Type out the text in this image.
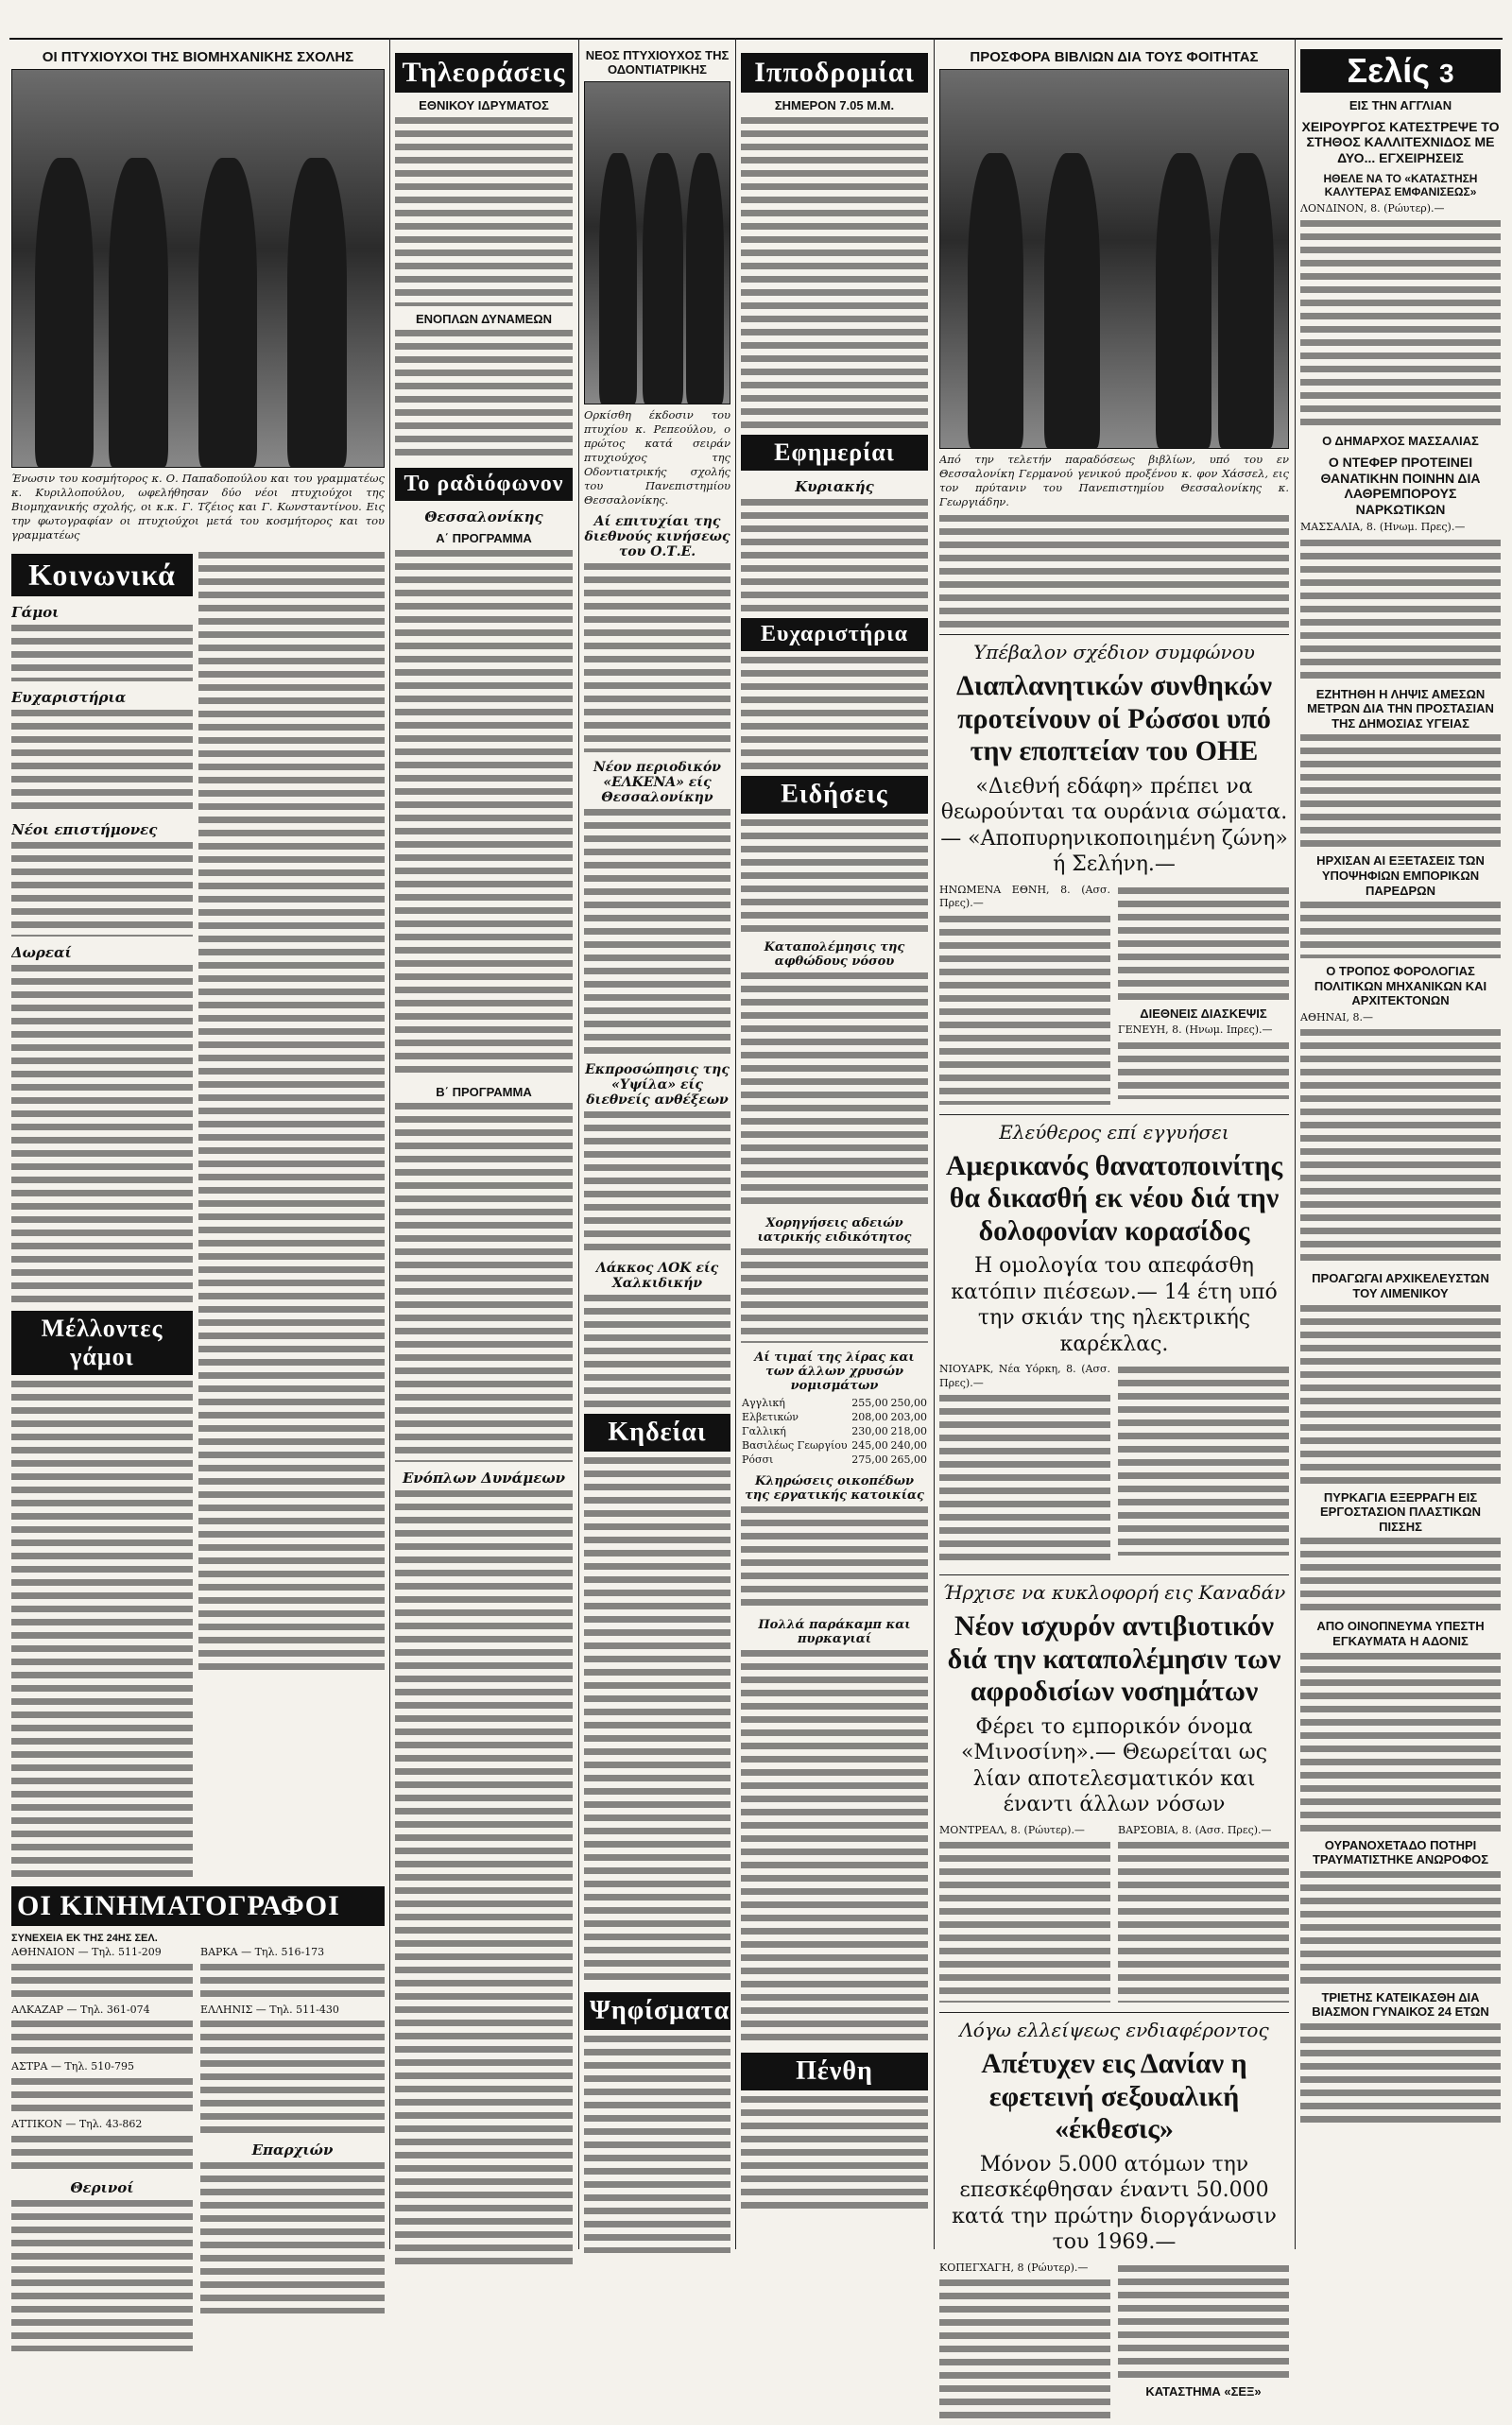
ΟΙ ΠΤΥΧΙΟΥΧΟΙ ΤΗΣ ΒΙΟΜΗΧΑΝΙΚΗΣ ΣΧΟΛΗΣ
Ένωσιν του κοσμήτορος κ. Ο. Παπαδοπούλου και του γραμματέως κ. Κυριλλοπούλου, ωφελήθησαν δύο νέοι πτυχιούχοι της Βιομηχανικής σχολής, οι κ.κ. Γ. Τζέιος και Γ. Κωνσταντίνου. Εις την φωτογραφίαν οι πτυχιούχοι μετά του κοσμήτορος και του γραμματέως
Κοινωνικά
Γάμοι
Ευχαριστήρια
Νέοι επιστήμονες
Δωρεαί
Μέλλοντες γάμοι
ΟΙ ΚΙΝΗΜΑΤΟΓΡΑΦΟΙ
ΣΥΝΕΧΕΙΑ ΕΚ ΤΗΣ 24ΗΣ ΣΕΛ.
ΑΘΗΝΑΙΟΝ — Τηλ. 511-209
ΑΛΚΑΖΑΡ — Τηλ. 361-074
ΑΣΤΡΑ — Τηλ. 510-795
ΑΤΤΙΚΟΝ — Τηλ. 43-862
Θερινοί
ΒΑΡΚΑ — Τηλ. 516-173
ΕΛΛΗΝΙΣ — Τηλ. 511-430
Επαρχιών
Τηλεοράσεις
ΕΘΝΙΚΟΥ ΙΔΡΥΜΑΤΟΣ
ΕΝΟΠΛΩΝ ΔΥΝΑΜΕΩΝ
Το ραδιόφωνον
Θεσσαλονίκης
Α΄ ΠΡΟΓΡΑΜΜΑ
Β΄ ΠΡΟΓΡΑΜΜΑ
Ενόπλων Δυνάμεων
ΝΕΟΣ ΠΤΥΧΙΟΥΧΟΣ ΤΗΣ ΟΔΟΝΤΙΑΤΡΙΚΗΣ
Ορκίσθη έκδοσιν του πτυχίου κ. Ρεπεούλου, ο πρώτος κατά σειράν πτυχιούχος της Οδοντιατρικής σχολής του Πανεπιστημίου Θεσσαλονίκης.
Αί επιτυχίαι της διεθνούς κινήσεως του Ο.Τ.Ε.
Νέον περιοδικόν «ΕΛΚΕΝΑ» είς Θεσσαλονίκην
Εκπροσώπησις της «Υψίλα» είς διεθνείς ανθέξεων
Λάκκος ΛΟΚ είς Χαλκιδικήν
Κηδείαι
Ψηφίσματα
Ιπποδρομίαι
ΣΗΜΕΡΟΝ 7.05 Μ.Μ.
Εφημερίαι
Κυριακής
Ευχαριστήρια
Ειδήσεις
Καταπολέμησις της αφθώδους νόσου
Χορηγήσεις αδειών ιατρικής ειδικότητος
Αί τιμαί της λίρας και των άλλων χρυσών νομισμάτων
Αγγλική	255,00	250,00
Ελβετικών	208,00	203,00
Γαλλική	230,00	218,00
Βασιλέως Γεωργίου	245,00	240,00
Ρόσσι	275,00	265,00
Κληρώσεις οικοπέδων της εργατικής κατοικίας
Πολλά παράκαμπ και πυρκαγιαί
Πένθη
ΠΡΟΣΦΟΡΑ ΒΙΒΛΙΩΝ ΔΙΑ ΤΟΥΣ ΦΟΙΤΗΤΑΣ
Από την τελετήν παραδόσεως βιβλίων, υπό του εν Θεσσαλονίκη Γερμανού γενικού προξένου κ. φον Χάσσελ, εις τον πρύτανιν του Πανεπιστημίου Θεσσαλονίκης κ. Γεωργιάδην.
Υπέβαλον σχέδιον συμφώνου
Διαπλανητικών συνθηκών προτείνουν οί Ρώσσοι υπό την εποπτείαν του ΟΗΕ
«Διεθνή εδάφη» πρέπει να θεωρούνται τα ουράνια σώματα.— «Αποπυρηνικοποιημένη ζώνη» ή Σελήνη.—
ΗΝΩΜΕΝΑ ΕΘΝΗ, 8. (Ασσ. Πρες).—
ΔΙΕΘΝΕΙΣ ΔΙΑΣΚΕΨΙΣ
ΓΕΝΕΥΗ, 8. (Ηνωμ. Ιπρες).—
Ελεύθερος επί εγγυήσει
Αμερικανός θανατοποινίτης θα δικασθή εκ νέου διά την δολοφονίαν κορασίδος
Η ομολογία του απεφάσθη κατόπιν πιέσεων.— 14 έτη υπό την σκιάν της ηλεκτρικής καρέκλας.
ΝΙΟΥΑΡΚ, Νέα Υόρκη, 8. (Ασσ. Πρες).—
Ήρχισε να κυκλοφορή εις Καναδάν
Νέον ισχυρόν αντιβιοτικόν διά την καταπολέμησιν των αφροδισίων νοσημάτων
Φέρει το εμπορικόν όνομα «Μινοσίνη».— Θεωρείται ως λίαν αποτελεσματικόν και έναντι άλλων νόσων
ΜΟΝΤΡΕΑΛ, 8. (Ρώυτερ).—	ΒΑΡΣΟΒΙΑ, 8. (Ασσ. Πρες).—
Λόγω ελλείψεως ενδιαφέροντος
Απέτυχεν εις Δανίαν η εφετεινή σεξουαλική «έκθεσις»
Μόνον 5.000 ατόμων την επεσκέφθησαν έναντι 50.000 κατά την πρώτην διοργάνωσιν του 1969.—
ΚΟΠΕΓΧΑΓΗ, 8 (Ρώυτερ).—
ΚΑΤΑΣΤΗΜΑ «ΣΕΞ»
Σελίς 3
ΕΙΣ ΤΗΝ ΑΓΓΛΙΑΝ
ΧΕΙΡΟΥΡΓΟΣ ΚΑΤΕΣΤΡΕΨΕ ΤΟ ΣΤΗΘΟΣ ΚΑΛΛΙΤΕΧΝΙΔΟΣ ΜΕ ΔΥΟ... ΕΓΧΕΙΡΗΣΕΙΣ
ΗΘΕΛΕ ΝΑ ΤΟ «ΚΑΤΑΣΤΗΣΗ ΚΑΛΥΤΕΡΑΣ ΕΜΦΑΝΙΣΕΩΣ»
ΛΟΝΔΙΝΟΝ, 8. (Ρώυτερ).—
Ο ΔΗΜΑΡΧΟΣ ΜΑΣΣΑΛΙΑΣ
Ο ΝΤΕΦΕΡ ΠΡΟΤΕΙΝΕΙ ΘΑΝΑΤΙΚΗΝ ΠΟΙΝΗΝ ΔΙΑ ΛΑΘΡΕΜΠΟΡΟΥΣ ΝΑΡΚΩΤΙΚΩΝ
ΜΑΣΣΑΛΙΑ, 8. (Ηνωμ. Πρες).—
ΕΖΗΤΗΘΗ Η ΛΗΨΙΣ ΑΜΕΣΩΝ ΜΕΤΡΩΝ ΔΙΑ ΤΗΝ ΠΡΟΣΤΑΣΙΑΝ ΤΗΣ ΔΗΜΟΣΙΑΣ ΥΓΕΙΑΣ
ΗΡΧΙΣΑΝ ΑΙ ΕΞΕΤΑΣΕΙΣ ΤΩΝ ΥΠΟΨΗΦΙΩΝ ΕΜΠΟΡΙΚΩΝ ΠΑΡΕΔΡΩΝ
Ο ΤΡΟΠΟΣ ΦΟΡΟΛΟΓΙΑΣ ΠΟΛΙΤΙΚΩΝ ΜΗΧΑΝΙΚΩΝ ΚΑΙ ΑΡΧΙΤΕΚΤΟΝΩΝ
ΑΘΗΝΑΙ, 8.—
ΠΡΟΑΓΩΓΑΙ ΑΡΧΙΚΕΛΕΥΣΤΩΝ ΤΟΥ ΛΙΜΕΝΙΚΟΥ
ΠΥΡΚΑΓΙΑ ΕΞΕΡΡΑΓΗ ΕΙΣ ΕΡΓΟΣΤΑΣΙΟΝ ΠΛΑΣΤΙΚΩΝ ΠΙΣΣΗΣ
ΑΠΟ ΟΙΝΟΠΝΕΥΜΑ ΥΠΕΣΤΗ ΕΓΚΑΥΜΑΤΑ Η ΑΔΟΝΙΣ
ΟΥΡΑΝΟΧΕΤΑΔΟ ΠΟΤΗΡΙ ΤΡΑΥΜΑΤΙΣΤΗΚΕ ΑΝΩΡΟΦΟΣ
ΤΡΙΕΤΗΣ ΚΑΤΕΙΚΑΣΘΗ ΔΙΑ ΒΙΑΣΜΟΝ ΓΥΝΑΙΚΟΣ 24 ΕΤΩΝ
